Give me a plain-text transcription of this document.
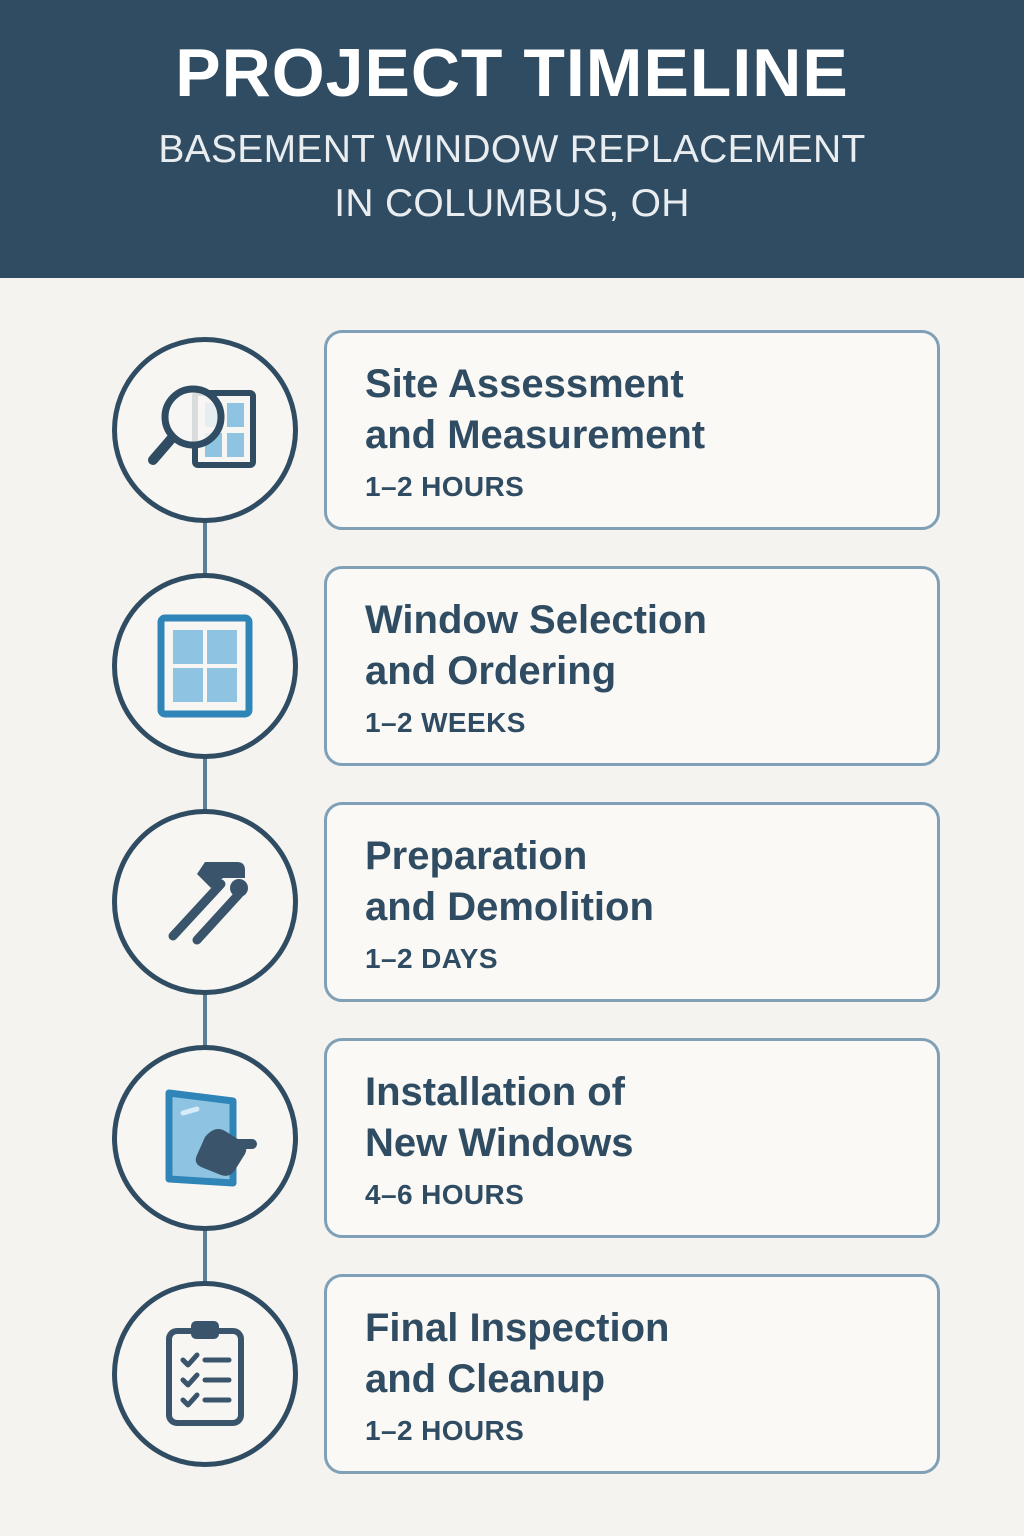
PROJECT TIMELINE
BASEMENT WINDOW REPLACEMENT
IN COLUMBUS, OH
Site Assessment
and Measurement
1–2 HOURS
Window Selection
and Ordering
1–2 WEEKS
Preparation
and Demolition
1–2 DAYS
Installation of
New Windows
4–6 HOURS
Final Inspection
and Cleanup
1–2 HOURS
